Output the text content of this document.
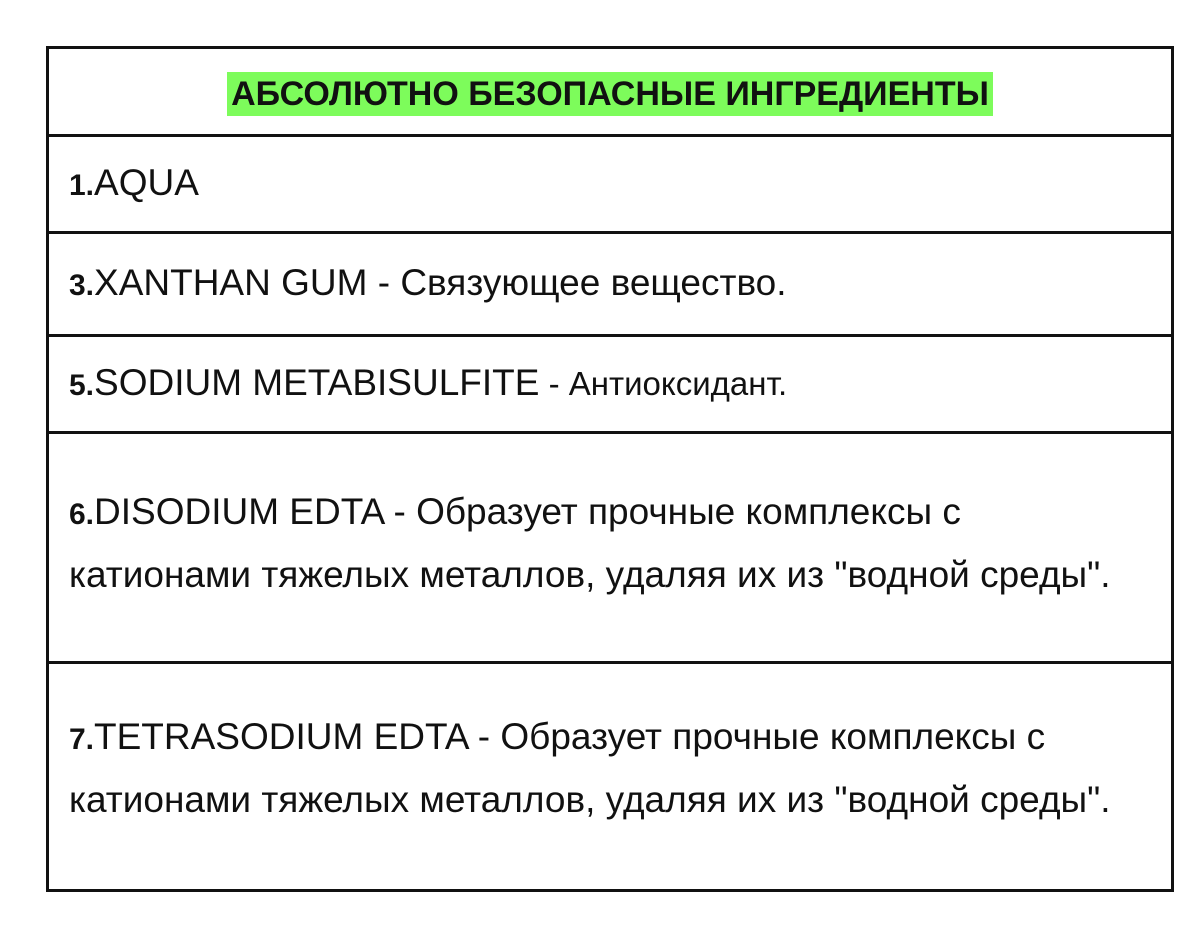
АБСОЛЮТНО БЕЗОПАСНЫЕ ИНГРЕДИЕНТЫ
1.AQUA
3.XANTHAN GUM - Связующее вещество.
5.SODIUM METABISULFITE - Антиоксидант.
6.DISODIUM EDTA - Образует прочные комплексы с катионами тяжелых металлов, удаляя их из "водной среды".
7.TETRASODIUM EDTA - Образует прочные комплексы с катионами тяжелых металлов, удаляя их из "водной среды".
